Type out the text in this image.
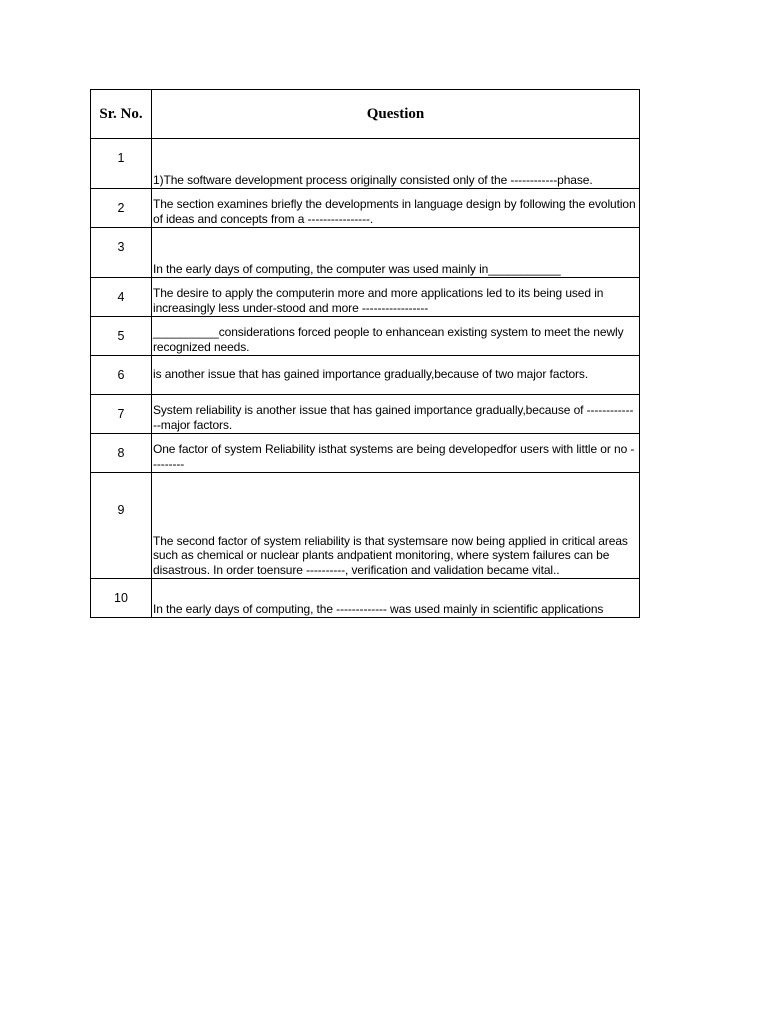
Sr. No.	Question
1	1)The software development process originally consisted only of the ------------phase.
2	The section examines briefly the developments in language design by following the evolution of ideas and concepts from a ----------------.
3	In the early days of computing, the computer was used mainly in___________
4	The desire to apply the computerin more and more applications led to its being used in increasingly less under-stood and more -----------------
5	__________considerations forced people to enhancean existing system to meet the newly recognized needs.
6	is another issue that has gained importance gradually,because of two major factors.
7	System reliability is another issue that has gained importance gradually,because of --------------major factors.
8	One factor of system Reliability isthat systems are being developedfor users with little or no ---------
9	The second factor of system reliability is that systemsare now being applied in critical areas such as chemical or nuclear plants andpatient monitoring, where system failures can be disastrous. In order toensure ----------, verification and validation became vital..
10	In the early days of computing, the ------------- was used mainly in scientific applications
